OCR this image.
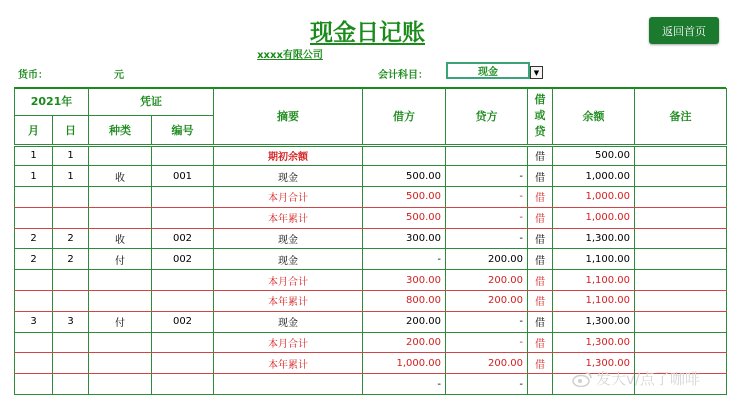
现金日记账
xxxx有限公司
返回首页
货币：	元	会计科目：	现金	▼
2021年		凭证		摘要	借方	贷方	借或贷	余额	备注
月	日	种类	编号						
1	1			期初余额			借	500.00	
1	1	收	001	现金	500.00	-	借	1,000.00	
				本月合计	500.00	-	借	1,000.00	
				本年累计	500.00	-	借	1,000.00	
2	2	收	002	现金	300.00	-	借	1,300.00	
2	2	付	002	现金	-	200.00	借	1,100.00	
				本月合计	300.00	200.00	借	1,100.00	
				本年累计	800.00	200.00	借	1,100.00	
3	3	付	002	现金	200.00	-	借	1,300.00	
				本月合计	200.00	-	借	1,300.00	
				本年累计	1,000.00	200.00	借	1,300.00	
					-	-				发大v/点了咖啡
